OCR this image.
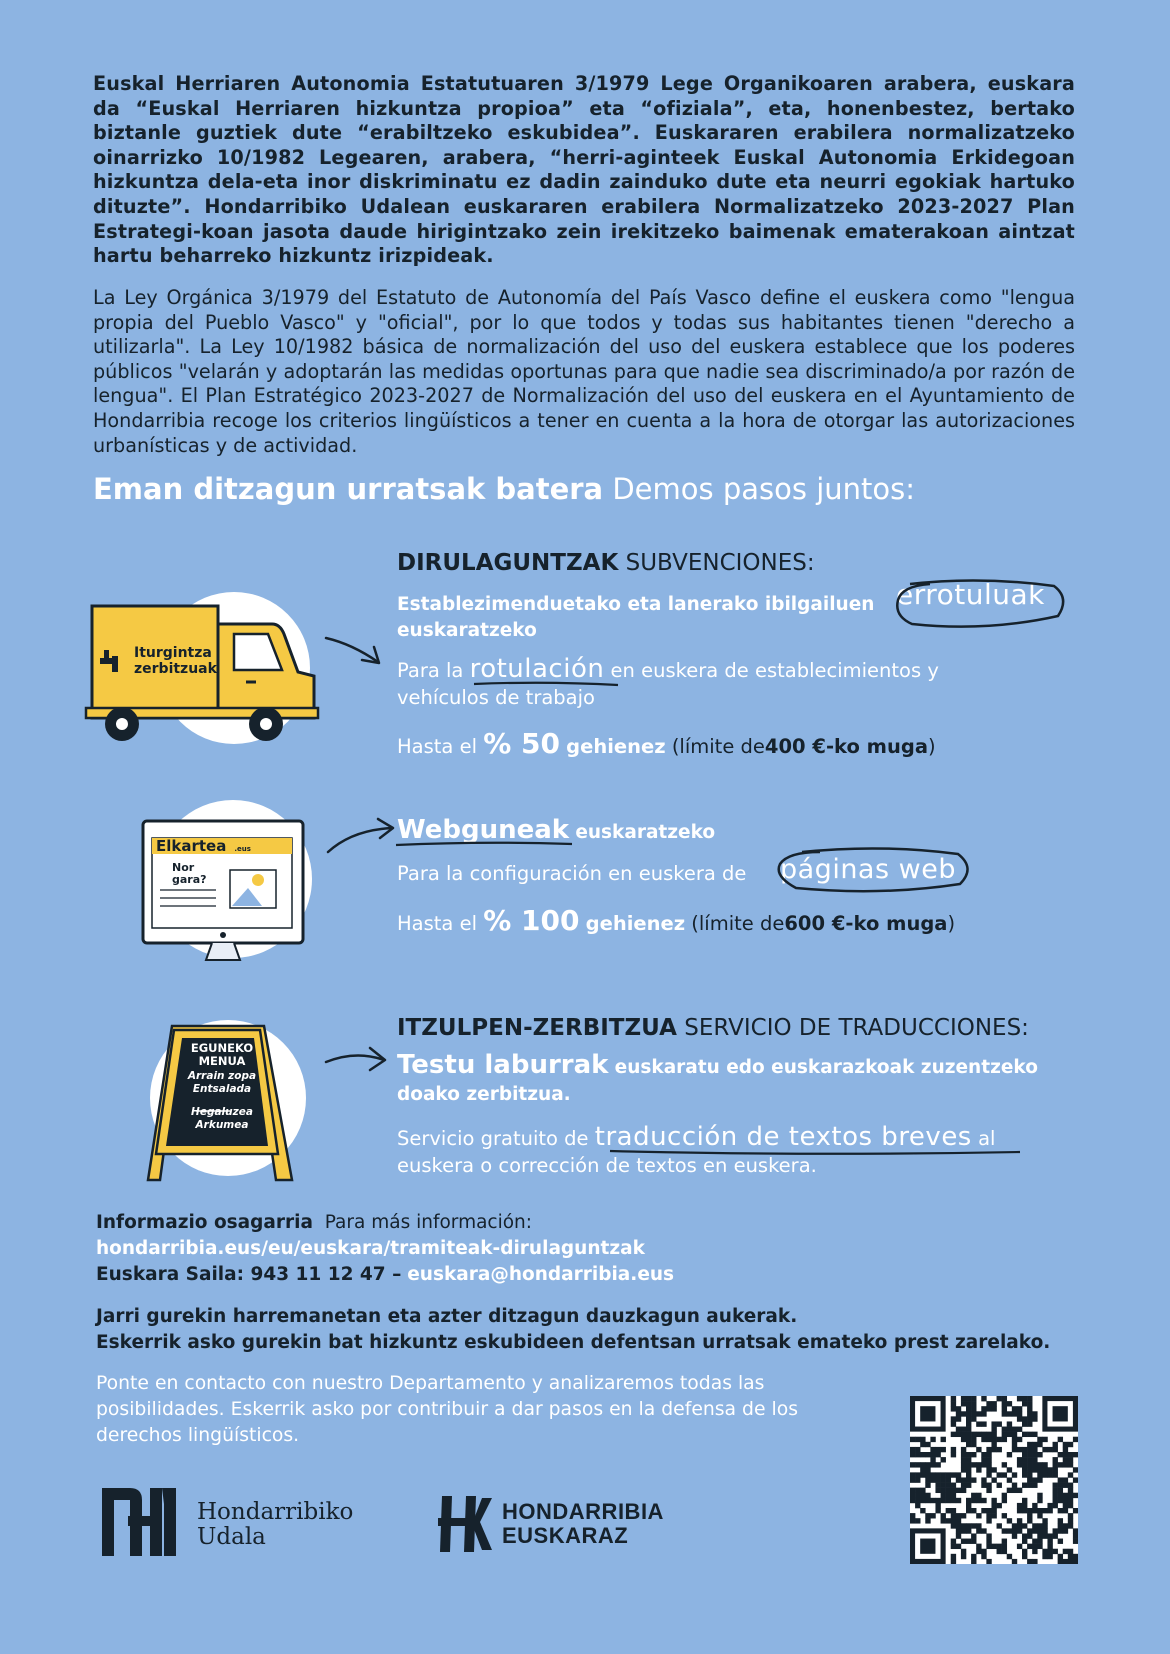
Euskal Herriaren Autonomia Estatutuaren 3/1979 Lege Organikoaren arabera, euskara da “Euskal Herriaren hizkuntza propioa” eta “ofiziala”, eta, honenbestez, bertako biztanle guztiek dute “erabiltzeko eskubidea”. Euskararen erabilera normalizatzeko oinarrizko 10/1982 Legearen, arabera, “herri-aginteek Euskal Autonomia Erkidegoan hizkuntza dela-eta inor diskriminatu ez dadin zainduko dute eta neurri egokiak hartuko dituzte”. Hondarribiko Udalean euskararen erabilera Normalizatzeko 2023-2027 Plan Estrategi-koan jasota daude hirigintzako zein irekitzeko baimenak ematerakoan aintzat hartu beharreko hizkuntz irizpideak.

La Ley Orgánica 3/1979 del Estatuto de Autonomía del País Vasco define el euskera como "lengua propia del Pueblo Vasco" y "oficial", por lo que todos y todas sus habitantes tienen "derecho a utilizarla". La Ley 10/1982 básica de normalización del uso del euskera establece que los poderes públicos "velarán y adoptarán las medidas oportunas para que nadie sea discriminado/a por razón de lengua". El Plan Estratégico 2023-2027 de Normalización del uso del euskera en el Ayuntamiento de Hondarribia recoge los criterios lingüísticos a tener en cuenta a la hora de otorgar las autorizaciones urbanísticas y de actividad.

Eman ditzagun urratsak batera Demos pasos juntos:
DIRULAGUNTZAK SUBVENCIONES:
Iturgintza
zerbitzuak
Establezimenduetako eta lanerako ibilgailuen errotuluak
euskaratzeko
Para la rotulación en euskera de establecimientos y
vehículos de trabajo
Hasta el % 50 gehienez (límite de400 €-ko muga)
Elkartea .eus
Nor
gara?
Webguneak euskaratzeko
Para la configuración en euskera de páginas web
Hasta el % 100 gehienez (límite de600 €-ko muga)
ITZULPEN-ZERBITZUA SERVICIO DE TRADUCCIONES:
EGUNEKO
MENUA
Arrain zopa
Entsalada
Hegaluzea
Arkumea
Testu laburrak euskaratu edo euskarazkoak zuzentzeko
doako zerbitzua.
Servicio gratuito de traducción de textos breves al
euskera o corrección de textos en euskera.
Informazio osagarria Para más información:
hondarribia.eus/eu/euskara/tramiteak-dirulaguntzak
Euskara Saila: 943 11 12 47 – euskara@hondarribia.eus
Jarri gurekin harremanetan eta azter ditzagun dauzkagun aukerak.
Eskerrik asko gurekin bat hizkuntz eskubideen defentsan urratsak emateko prest zarelako.
Ponte en contacto con nuestro Departamento y analizaremos todas las posibilidades. Eskerrik asko por contribuir a dar pasos en la defensa de los derechos lingüísticos.
Hondarribiko
Udala
HONDARRIBIA
EUSKARAZ
